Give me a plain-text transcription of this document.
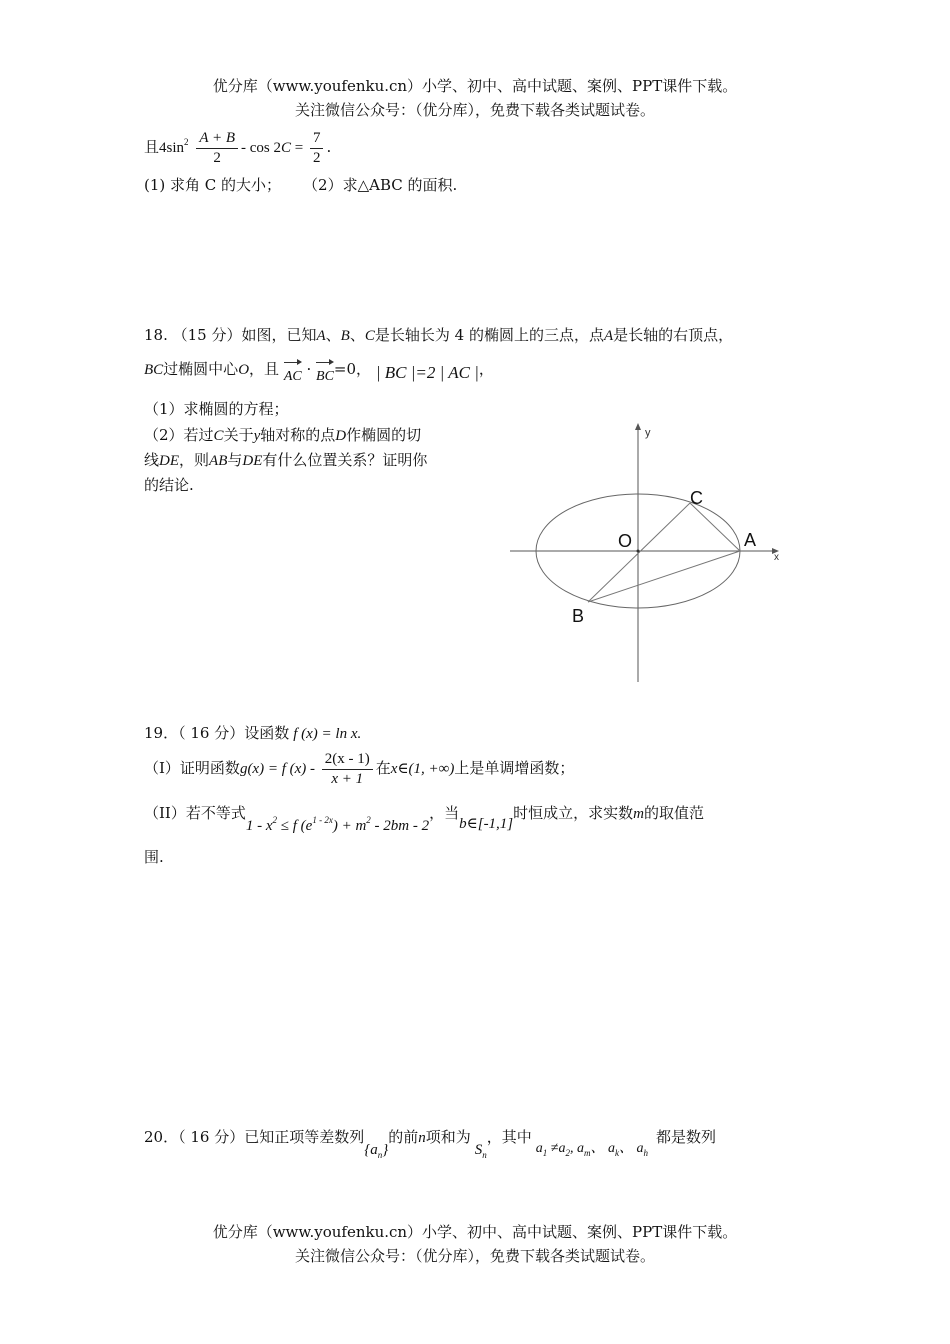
优分库（www.youfenku.cn）小学、初中、高中试题、案例、PPT课件下载。
关注微信公众号：（优分库），免费下载各类试题试卷。
且$4\sin^2 \frac{A + B}{2} - \cos 2C = \frac{7}{2}$ .
(1) 求角 C 的大小； （2）求△ABC 的面积.
18. （15 分）如图，已知A、B、C是长轴长为 4 的椭圆上的三点，点A是长轴的右顶点，
BC过椭圆中心O，且 AC · BC=0， | BC |=2 | AC |，
（1）求椭圆的方程；
（2）若过C关于y轴对称的点D作椭圆的切
线DE，则AB与DE有什么位置关系？证明你
的结论.
y
x
C
O	A
B
19．（ 16 分）设函数 f (x) = ln x.
（I）证明函数g(x) = f $(x) - \frac{2(x - 1)}{x + 1}$ 在x∈(1, +∞)上是单调增函数；
（II）若不等式$1 - x^2 \le f$ $(e^{1 - 2x}) + m^2 - 2bm - 2$，当b∈[-1,1]时恒成立，求实数m的取值范
围.
20．（ 16 分）已知正项等差数列$\{a_n\}$的前n项和为$S_n$，其中$a_1 \ne a_2$, $a_m$、 $a_k$、 $a_h$都是数列
优分库（www.youfenku.cn）小学、初中、高中试题、案例、PPT课件下载。
关注微信公众号：（优分库），免费下载各类试题试卷。
